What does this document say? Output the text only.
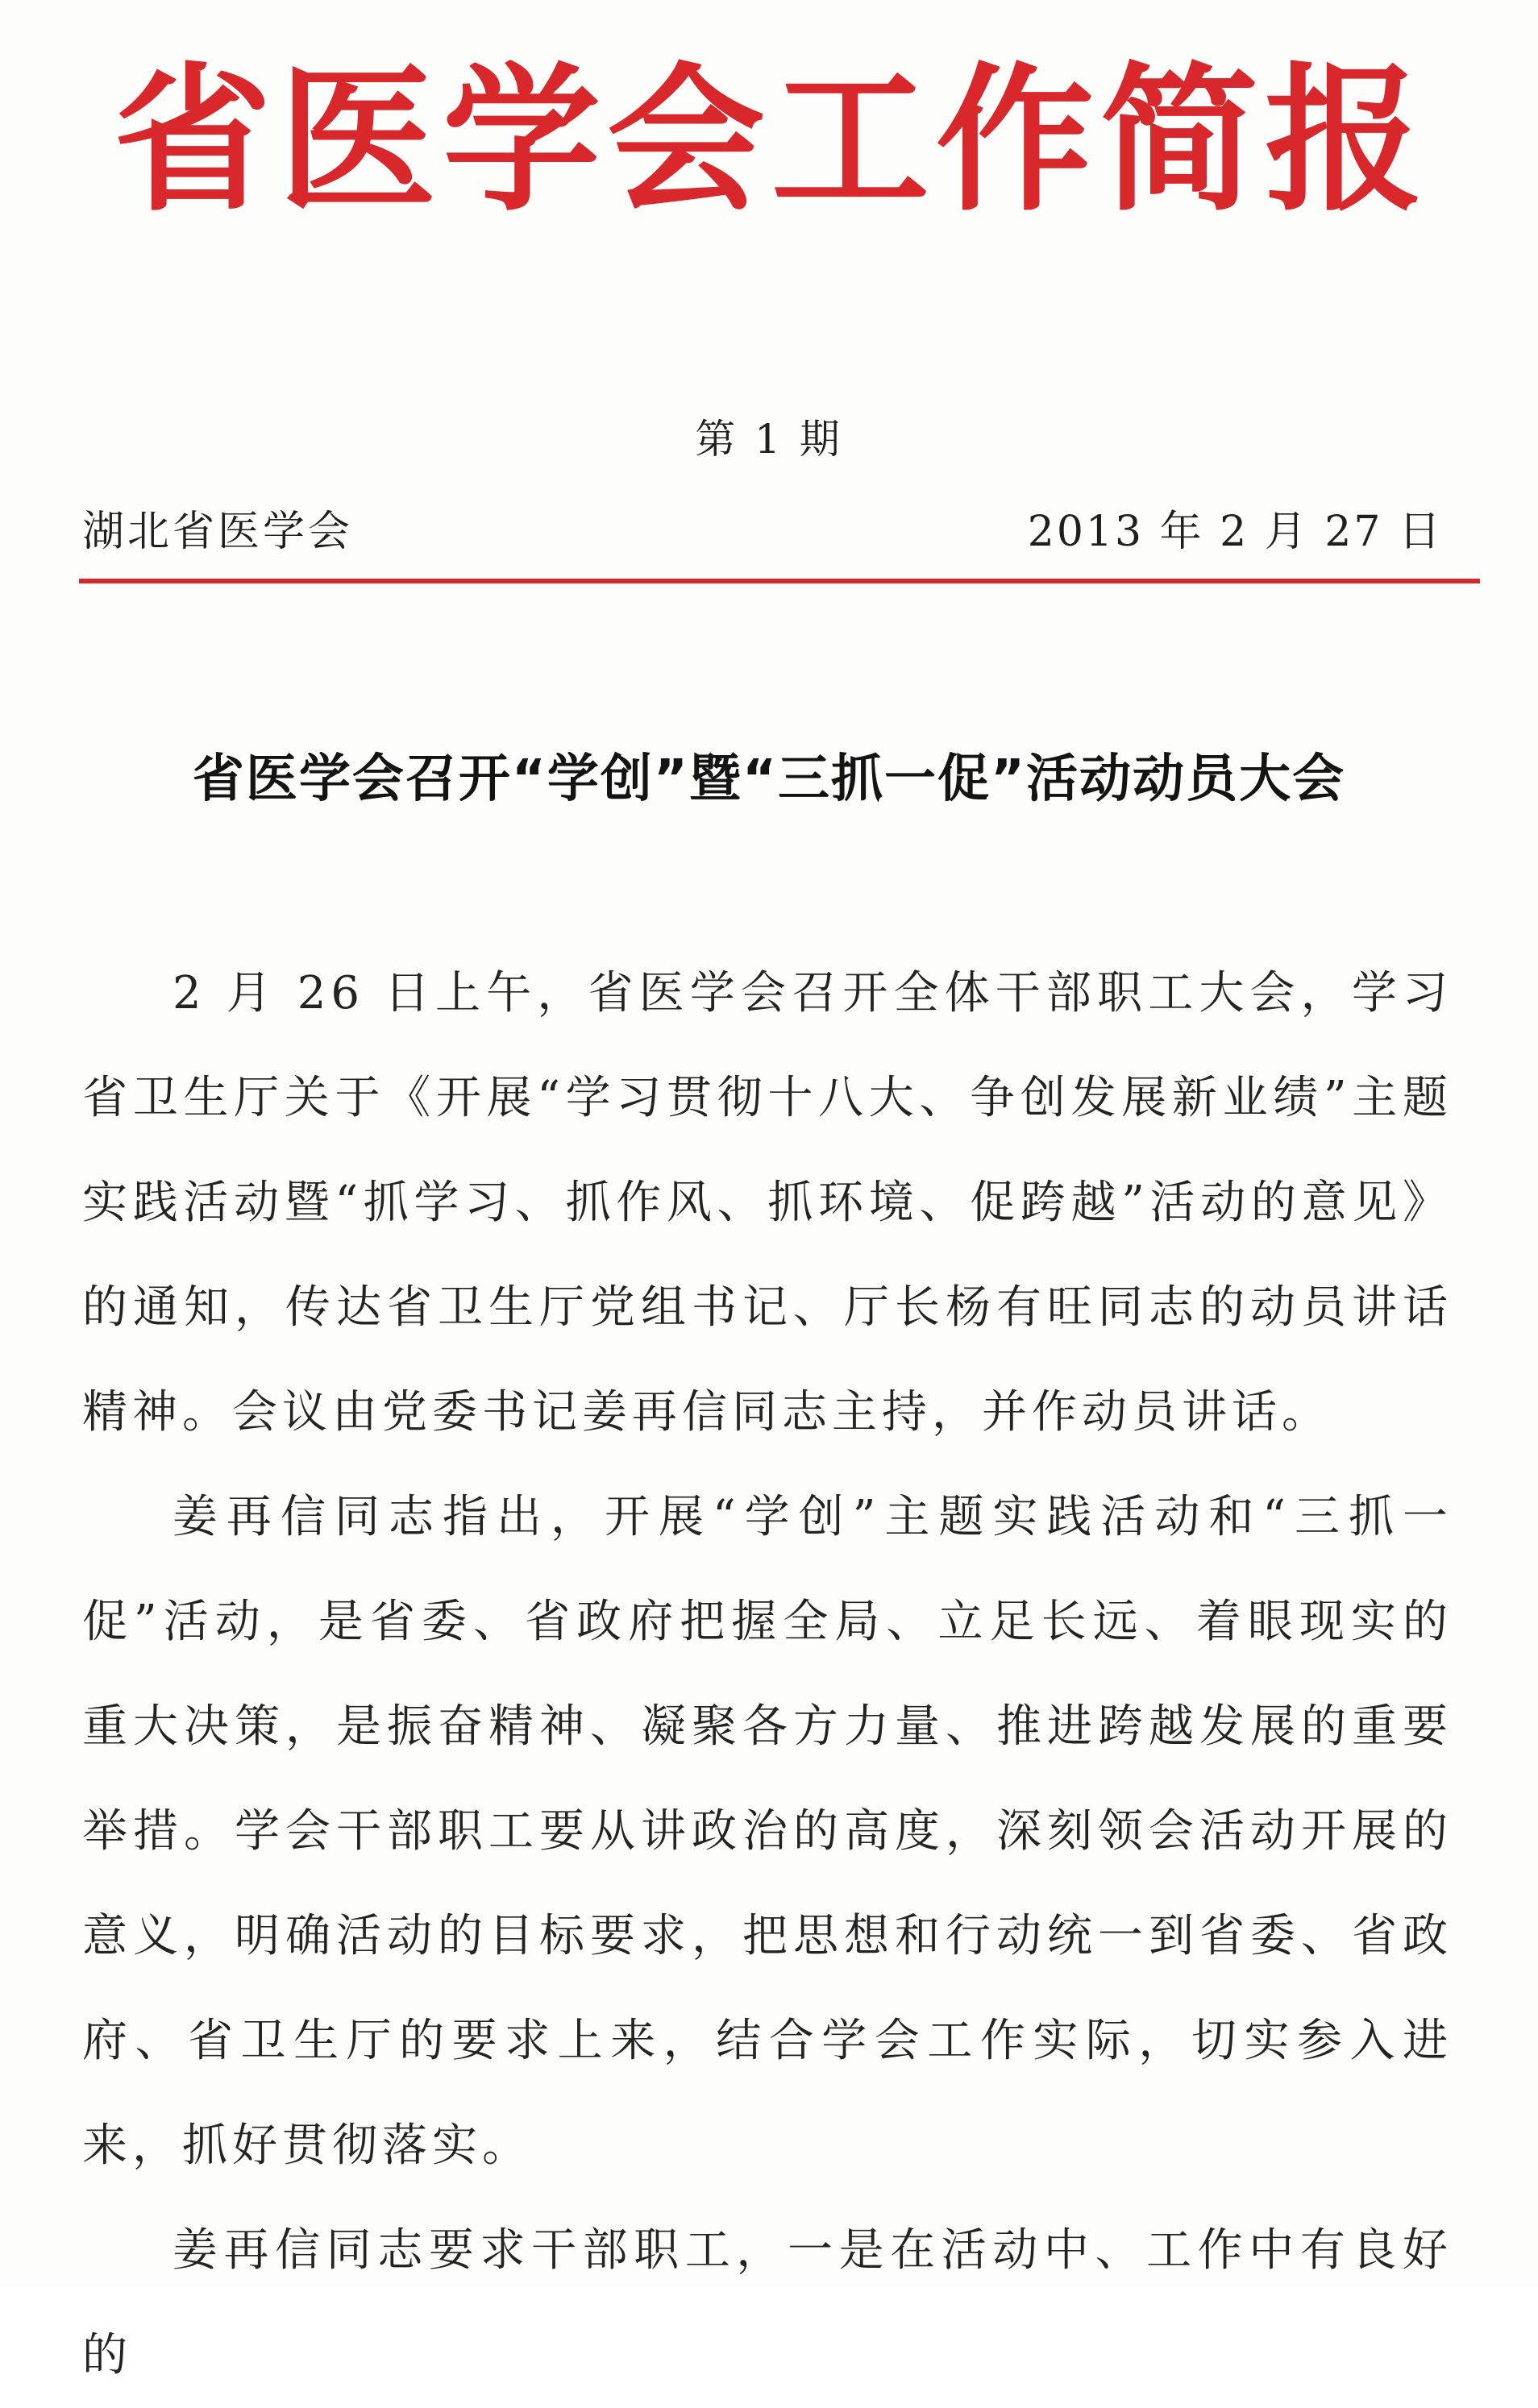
省医学会工作简报
第 1 期
湖北省医学会	2013 年 2 月 27 日
省医学会召开“学创”暨“三抓一促”活动动员大会

2 月 26 日上午，省医学会召开全体干部职工大会，学习省卫生厅关于《开展“学习贯彻十八大、争创发展新业绩”主题实践活动暨“抓学习、抓作风、抓环境、促跨越”活动的意见》的通知，传达省卫生厅党组书记、厅长杨有旺同志的动员讲话精神。会议由党委书记姜再信同志主持，并作动员讲话。

姜再信同志指出，开展“学创”主题实践活动和“三抓一促”活动，是省委、省政府把握全局、立足长远、着眼现实的重大决策，是振奋精神、凝聚各方力量、推进跨越发展的重要举措。学会干部职工要从讲政治的高度，深刻领会活动开展的意义，明确活动的目标要求，把思想和行动统一到省委、省政府、省卫生厅的要求上来，结合学会工作实际，切实参入进来，抓好贯彻落实。

姜再信同志要求干部职工，一是在活动中、工作中有良好的
